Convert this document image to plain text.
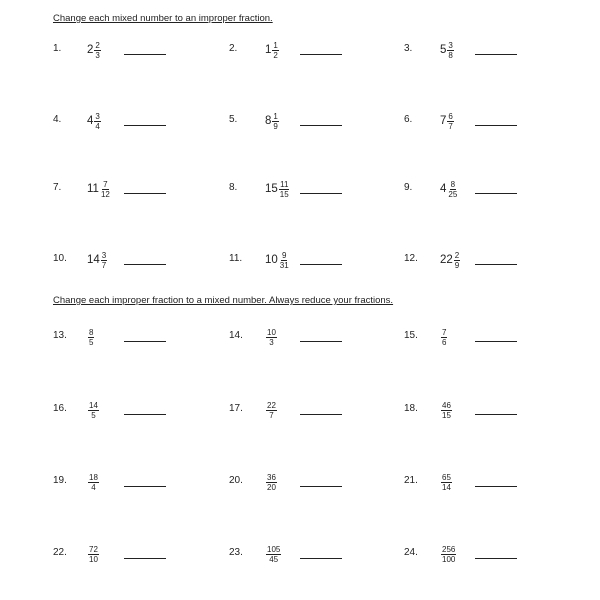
Change each mixed number to an improper fraction.
1. $2 \frac{2}{3}$	2. $1 \frac{1}{2}$	3. $5 \frac{3}{8}$
4. $4 \frac{3}{4}$	5. $8 \frac{1}{9}$	6. $7 \frac{6}{7}$
7. $11 \frac{7}{12}$	8. $15 \frac{11}{15}$	9. $4 \frac{8}{25}$
10. $14 \frac{3}{7}$	11. $10 \frac{9}{31}$	12. $22 \frac{2}{9}$
Change each improper fraction to a mixed number. Always reduce your fractions.
13.	$\frac{8}{5}$	14.	$\frac{10}{3}$	15.	$\frac{7}{6}$
16.	$\frac{14}{5}$	17.	$\frac{22}{7}$	18.	$\frac{46}{15}$
19.	$\frac{18}{4}$	20.	$\frac{36}{20}$	21.	$\frac{65}{14}$
22.	$\frac{72}{10}$	23.	$\frac{105}{45}$	24.	$\frac{256}{100}$
